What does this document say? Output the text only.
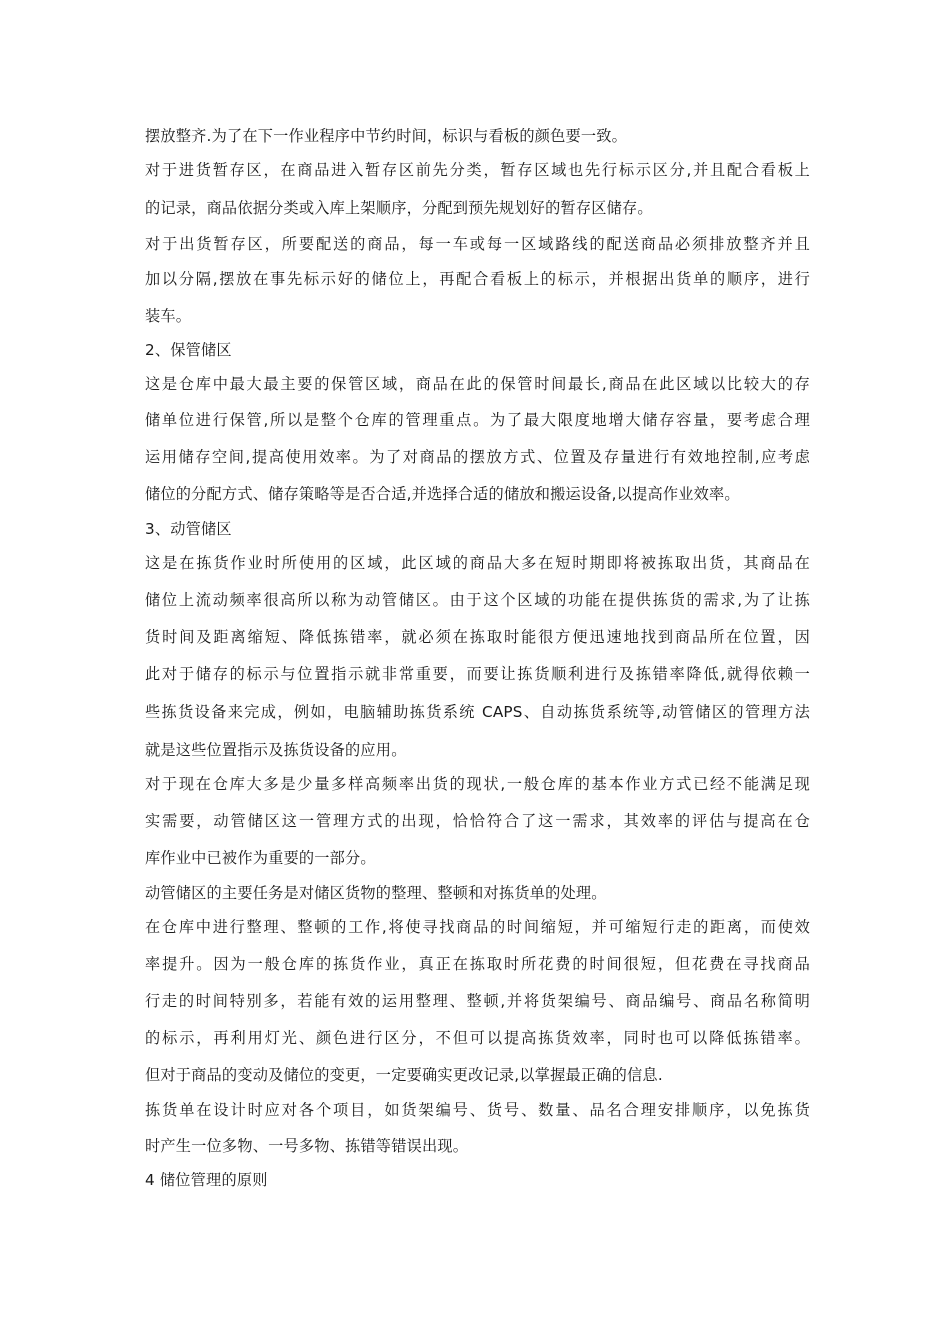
摆放整齐.为了在下一作业程序中节约时间，标识与看板的颜色要一致。
对于进货暂存区，在商品进入暂存区前先分类，暂存区域也先行标示区分,并且配合看板上
的记录，商品依据分类或入库上架顺序，分配到预先规划好的暂存区储存。
对于出货暂存区，所要配送的商品，每一车或每一区域路线的配送商品必须排放整齐并且
加以分隔,摆放在事先标示好的储位上，再配合看板上的标示，并根据出货单的顺序，进行
装车。
2、保管储区
这是仓库中最大最主要的保管区域，商品在此的保管时间最长,商品在此区域以比较大的存
储单位进行保管,所以是整个仓库的管理重点。为了最大限度地增大储存容量，要考虑合理
运用储存空间,提高使用效率。为了对商品的摆放方式、位置及存量进行有效地控制,应考虑
储位的分配方式、储存策略等是否合适,并选择合适的储放和搬运设备,以提高作业效率。
3、动管储区
这是在拣货作业时所使用的区域，此区域的商品大多在短时期即将被拣取出货，其商品在
储位上流动频率很高所以称为动管储区。由于这个区域的功能在提供拣货的需求,为了让拣
货时间及距离缩短、降低拣错率，就必须在拣取时能很方便迅速地找到商品所在位置，因
此对于储存的标示与位置指示就非常重要，而要让拣货顺利进行及拣错率降低,就得依赖一
些拣货设备来完成，例如，电脑辅助拣货系统 CAPS、自动拣货系统等,动管储区的管理方法
就是这些位置指示及拣货设备的应用。
对于现在仓库大多是少量多样高频率出货的现状,一般仓库的基本作业方式已经不能满足现
实需要，动管储区这一管理方式的出现，恰恰符合了这一需求，其效率的评估与提高在仓
库作业中已被作为重要的一部分。
动管储区的主要任务是对储区货物的整理、整顿和对拣货单的处理。
在仓库中进行整理、整顿的工作,将使寻找商品的时间缩短，并可缩短行走的距离，而使效
率提升。因为一般仓库的拣货作业，真正在拣取时所花费的时间很短，但花费在寻找商品
行走的时间特别多，若能有效的运用整理、整顿,并将货架编号、商品编号、商品名称简明
的标示，再利用灯光、颜色进行区分，不但可以提高拣货效率，同时也可以降低拣错率。
但对于商品的变动及储位的变更，一定要确实更改记录,以掌握最正确的信息.
拣货单在设计时应对各个项目，如货架编号、货号、数量、品名合理安排顺序，以免拣货
时产生一位多物、一号多物、拣错等错误出现。
4 储位管理的原则
